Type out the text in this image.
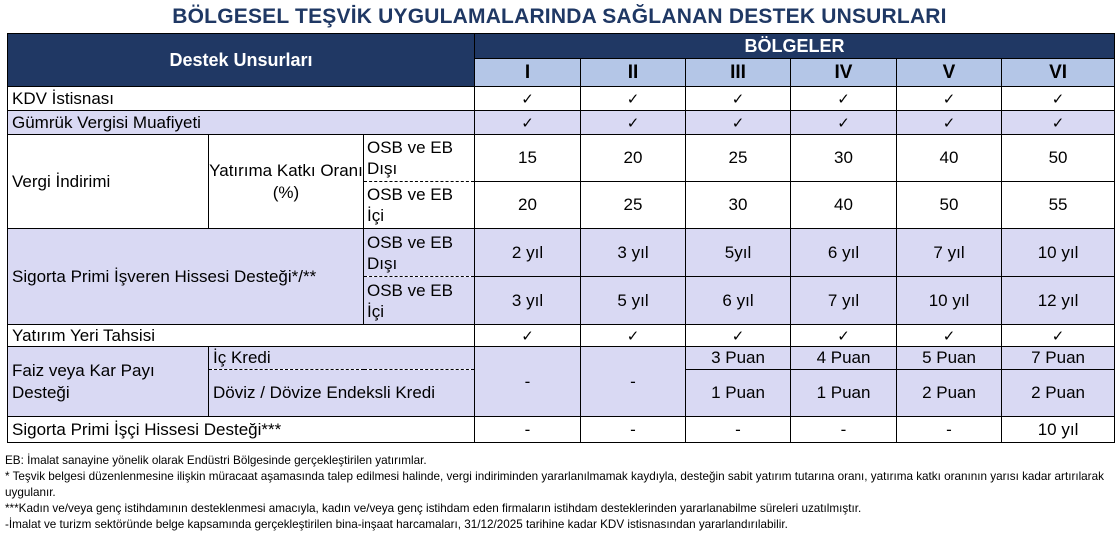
BÖLGESEL TEŞVİK UYGULAMALARINDA SAĞLANAN DESTEK UNSURLARI
Destek Unsurları			BÖLGELER					
			I	II	III	IV	V	VI
KDV İstisnası			✓	✓	✓	✓	✓	✓
Gümrük Vergisi Muafiyeti			✓	✓	✓	✓	✓	✓
Vergi İndirimi	Yatırıma Katkı Oranı (%)	OSB ve EB Dışı	15	20	25	30	40	50
		OSB ve EB İçi	20	25	30	40	50	55
Sigorta Primi İşveren Hissesi Desteği*/**		OSB ve EB Dışı	2 yıl	3 yıl	5yıl	6 yıl	7 yıl	10 yıl
		OSB ve EB İçi	3 yıl	5 yıl	6 yıl	7 yıl	10 yıl	12 yıl
Yatırım Yeri Tahsisi			✓	✓	✓	✓	✓	✓
Faiz veya Kar Payı Desteği	İç Kredi		-	-	3 Puan	4 Puan	5 Puan	7 Puan
	Döviz / Dövize Endeksli Kredi				1 Puan	1 Puan	2 Puan	2 Puan
Sigorta Primi İşçi Hissesi Desteği***			-	-	-	-	-	10 yıl
EB: İmalat sanayine yönelik olarak Endüstri Bölgesinde gerçekleştirilen yatırımlar.
* Teşvik belgesi düzenlenmesine ilişkin müracaat aşamasında talep edilmesi halinde, vergi indiriminden yararlanılmamak kaydıyla, desteğin sabit yatırım tutarına oranı, yatırıma katkı oranının yarısı kadar artırılarak uygulanır.
***Kadın ve/veya genç istihdamının desteklenmesi amacıyla, kadın ve/veya genç istihdam eden firmaların istihdam desteklerinden yararlanabilme süreleri uzatılmıştır.
-İmalat ve turizm sektöründe belge kapsamında gerçekleştirilen bina-inşaat harcamaları, 31/12/2025 tarihine kadar KDV istisnasından yararlandırılabilir.
